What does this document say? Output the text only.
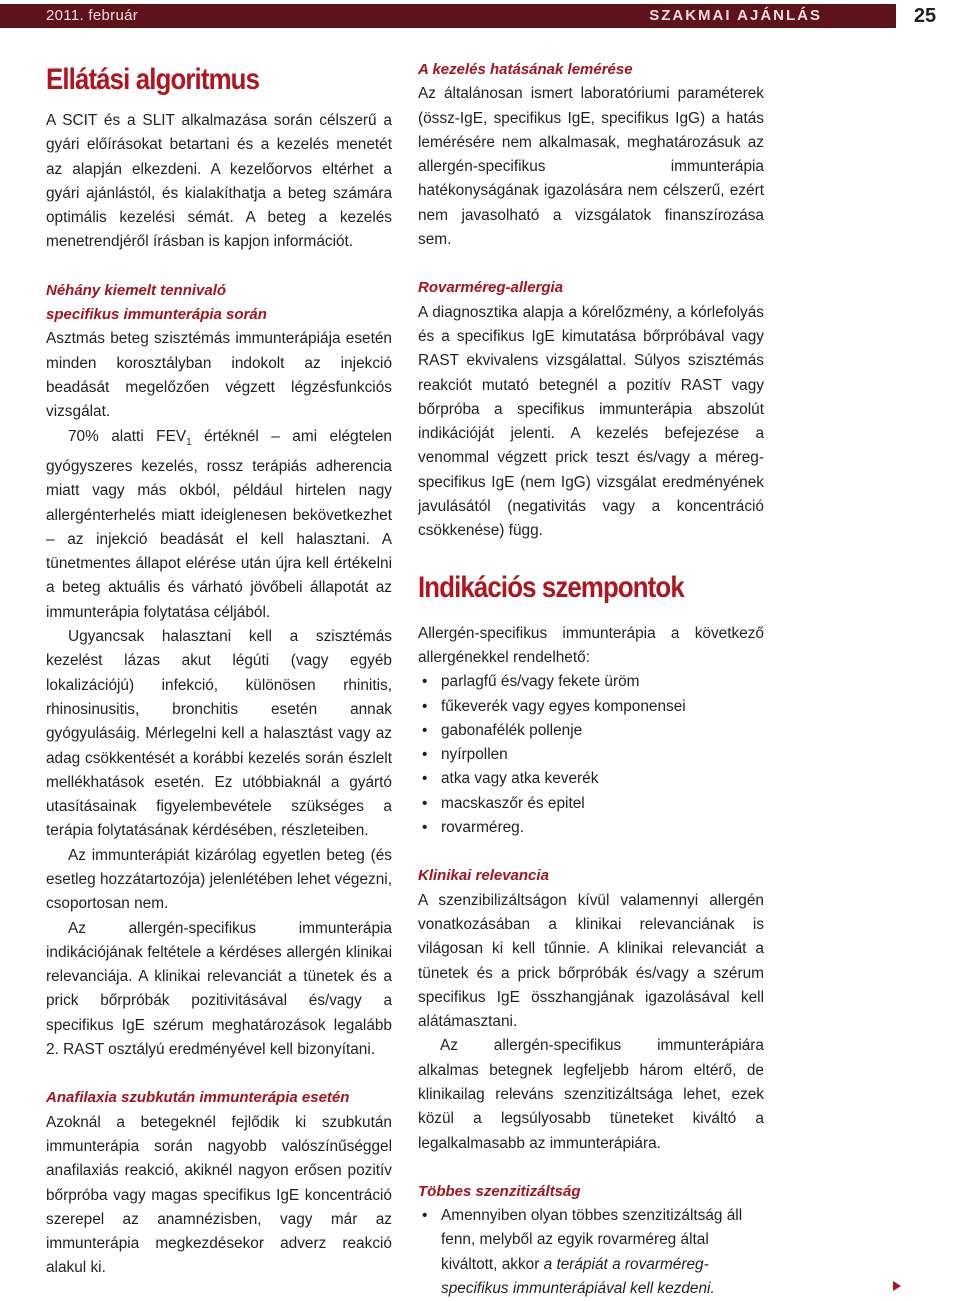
2011. február	SZAKMAI AJÁNLÁS	25
Ellátási algoritmus

A SCIT és a SLIT alkalmazása során célszerű a gyári előírásokat betartani és a kezelés menetét az alapján elkezdeni. A kezelőorvos eltérhet a gyári ajánlástól, és kialakíthatja a beteg számára optimális kezelési sémát. A beteg a kezelés menetrendjéről írásban is kapjon információt.

Néhány kiemelt tennivaló
specifikus immunterápia során

Asztmás beteg szisztémás immunterápiája esetén minden korosztályban indokolt az injekció beadását megelőzően végzett légzésfunkciós vizsgálat.

70% alatti $FEV_1$ értéknél – ami elégtelen gyógyszeres kezelés, rossz terápiás adherencia miatt vagy más okból, például hirtelen nagy allergénterhelés miatt ideiglenesen bekövetkezhet – az injekció beadását el kell halasztani. A tünetmentes állapot elérése után újra kell értékelni a beteg aktuális és várható jövőbeli állapotát az immunterápia folytatása céljából.

Ugyancsak halasztani kell a szisztémás kezelést lázas akut légúti (vagy egyéb lokalizációjú) infekció, különösen rhinitis, rhinosinusitis, bronchitis esetén annak gyógyulásáig. Mérlegelni kell a halasztást vagy az adag csökkentését a korábbi kezelés során észlelt mellékhatások esetén. Ez utóbbiaknál a gyártó utasításainak figyelembevétele szükséges a terápia folytatásának kérdésében, részleteiben.

Az immunterápiát kizárólag egyetlen beteg (és esetleg hozzátartozója) jelenlétében lehet végezni, csoportosan nem.

Az allergén-specifikus immunterápia indikációjának feltétele a kérdéses allergén klinikai relevanciája. A klinikai relevanciát a tünetek és a prick bőrpróbák pozitivitásával és/vagy a specifikus IgE szérum meghatározások legalább 2. RAST osztályú eredményével kell bizonyítani.

Anafilaxia szubkután immunterápia esetén

Azoknál a betegeknél fejlődik ki szubkután immunterápia során nagyobb valószínűséggel anafilaxiás reakció, akiknél nagyon erősen pozitív bőrpróba vagy magas specifikus IgE koncentráció szerepel az anamnézisben, vagy már az immunterápia megkezdésekor adverz reakció alakul ki.

A kezelés hatásának lemérése

Az általánosan ismert laboratóriumi paraméterek (össz-IgE, specifikus IgE, specifikus IgG) a hatás lemérésére nem alkalmasak, meghatározásuk az allergén-specifikus immunterápia hatékonyságának igazolására nem célszerű, ezért nem javasolható a vizsgálatok finanszírozása sem.

Rovarméreg-allergia

A diagnosztika alapja a kórelőzmény, a kórlefolyás és a specifikus IgE kimutatása bőrpróbával vagy RAST ekvivalens vizsgálattal. Súlyos szisztémás reakciót mutató betegnél a pozitív RAST vagy bőrpróba a specifikus immunterápia abszolút indikációját jelenti. A kezelés befejezése a venommal végzett prick teszt és/vagy a méreg-specifikus IgE (nem IgG) vizsgálat eredményének javulásától (negativitás vagy a koncentráció csökkenése) függ.

Indikációs szempontok

Allergén-specifikus immunterápia a következő allergénekkel rendelhető:

• parlagfű és/vagy fekete üröm
• fűkeverék vagy egyes komponensei
• gabonafélék pollenje
• nyírpollen
• atka vagy atka keverék
• macskaszőr és epitel
• rovarméreg.
Klinikai relevancia

A szenzibilizáltságon kívül valamennyi allergén vonatkozásában a klinikai relevanciának is világosan ki kell tűnnie. A klinikai relevanciát a tünetek és a prick bőrpróbák és/vagy a szérum specifikus IgE összhangjának igazolásával kell alátámasztani.

Az allergén-specifikus immunterápiára alkalmas betegnek legfeljebb három eltérő, de klinikailag releváns szenzitizáltsága lehet, ezek közül a legsúlyosabb tüneteket kiváltó a legalkalmasabb az immunterápiára.

Többes szenzitizáltság
• Amennyiben olyan többes szenzitizáltság áll fenn, melyből az egyik rovarméreg által kiváltott, akkor a terápiát a rovarméreg-specifikus immunterápiával kell kezdeni.
